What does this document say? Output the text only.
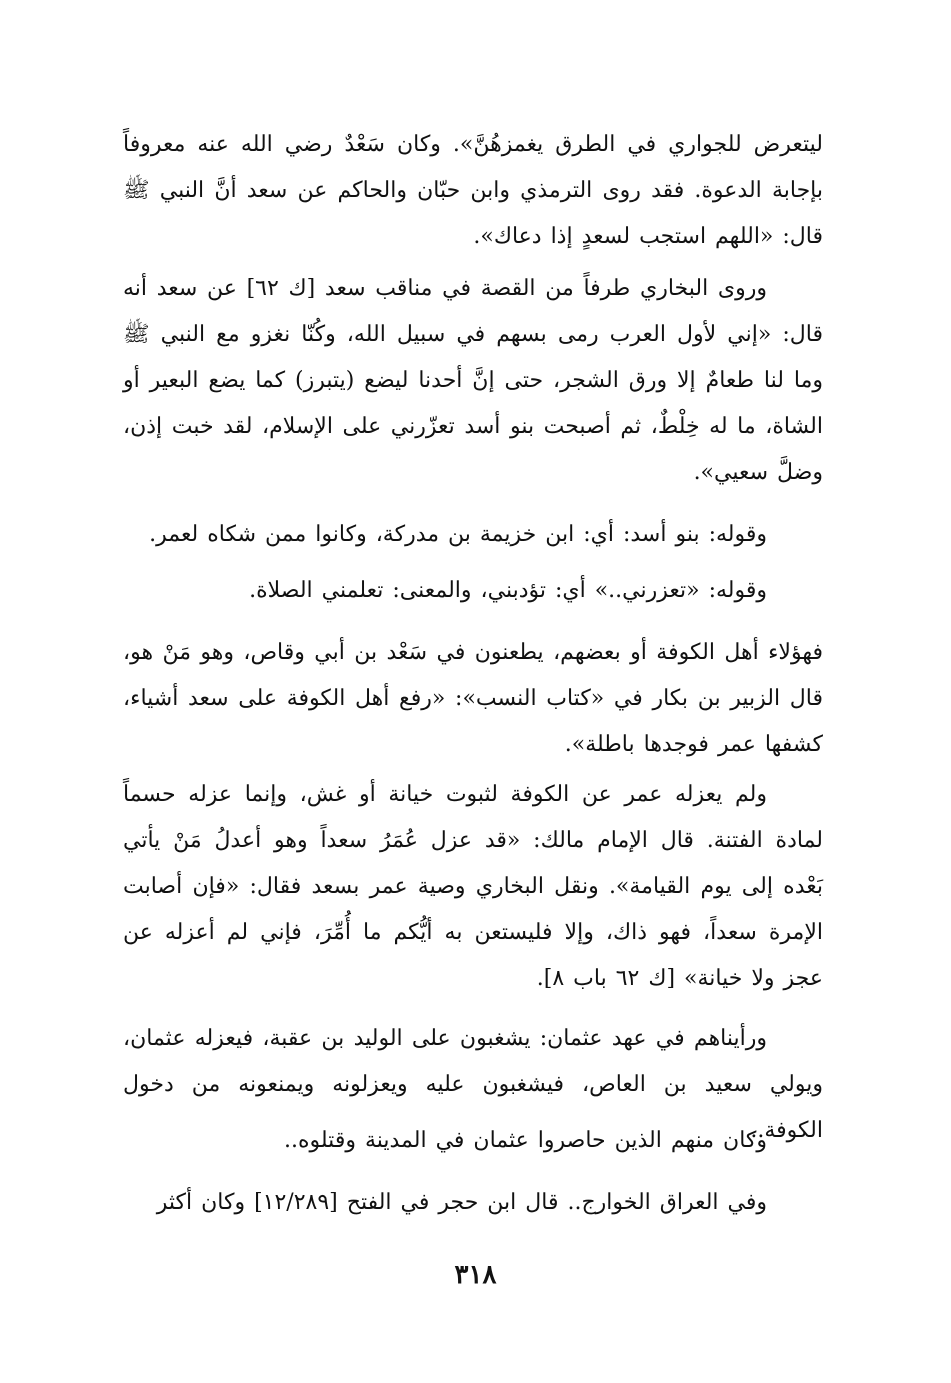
ليتعرض للجواري في الطرق يغمزهُنَّ». وكان سَعْدٌ رضي الله عنه معروفاً بإجابة الدعوة. فقد روى الترمذي وابن حبّان والحاكم عن سعد أنَّ النبي ﷺ قال: «اللهم استجب لسعدٍ إذا دعاك».

وروى البخاري طرفاً من القصة في مناقب سعد [ك ٦٢] عن سعد أنه قال: «إني لأول العرب رمى بسهم في سبيل الله، وكُنّا نغزو مع النبي ﷺ وما لنا طعامٌ إلا ورق الشجر، حتى إنَّ أحدنا ليضع (يتبرز) كما يضع البعير أو الشاة، ما له خِلْطٌ، ثم أصبحت بنو أسد تعزّرني على الإسلام، لقد خبت إذن، وضلَّ سعيي».

وقوله: بنو أسد: أي: ابن خزيمة بن مدركة، وكانوا ممن شكاه لعمر.

وقوله: «تعزرني..» أي: تؤدبني، والمعنى: تعلمني الصلاة.

فهؤلاء أهل الكوفة أو بعضهم، يطعنون في سَعْد بن أبي وقاص، وهو مَنْ هو، قال الزبير بن بكار في «كتاب النسب»: «رفع أهل الكوفة على سعد أشياء، كشفها عمر فوجدها باطلة».

ولم يعزله عمر عن الكوفة لثبوت خيانة أو غش، وإنما عزله حسماً لمادة الفتنة. قال الإمام مالك: «قد عزل عُمَرُ سعداً وهو أعدلُ مَنْ يأتي بَعْده إلى يوم القيامة». ونقل البخاري وصية عمر بسعد فقال: «فإن أصابت الإمرة سعداً، فهو ذاك، وإلا فليستعن به أيُّكم ما أُمِّرَ، فإني لم أعزله عن عجز ولا خيانة» [ك ٦٢ باب ٨].

ورأيناهم في عهد عثمان: يشغبون على الوليد بن عقبة، فيعزله عثمان، ويولي سعيد بن العاص، فيشغبون عليه ويعزلونه ويمنعونه من دخول الكوفة..

وكان منهم الذين حاصروا عثمان في المدينة وقتلوه..

وفي العراق الخوارج.. قال ابن حجر في الفتح [١٢/٢٨٩] وكان أكثر

٣١٨
